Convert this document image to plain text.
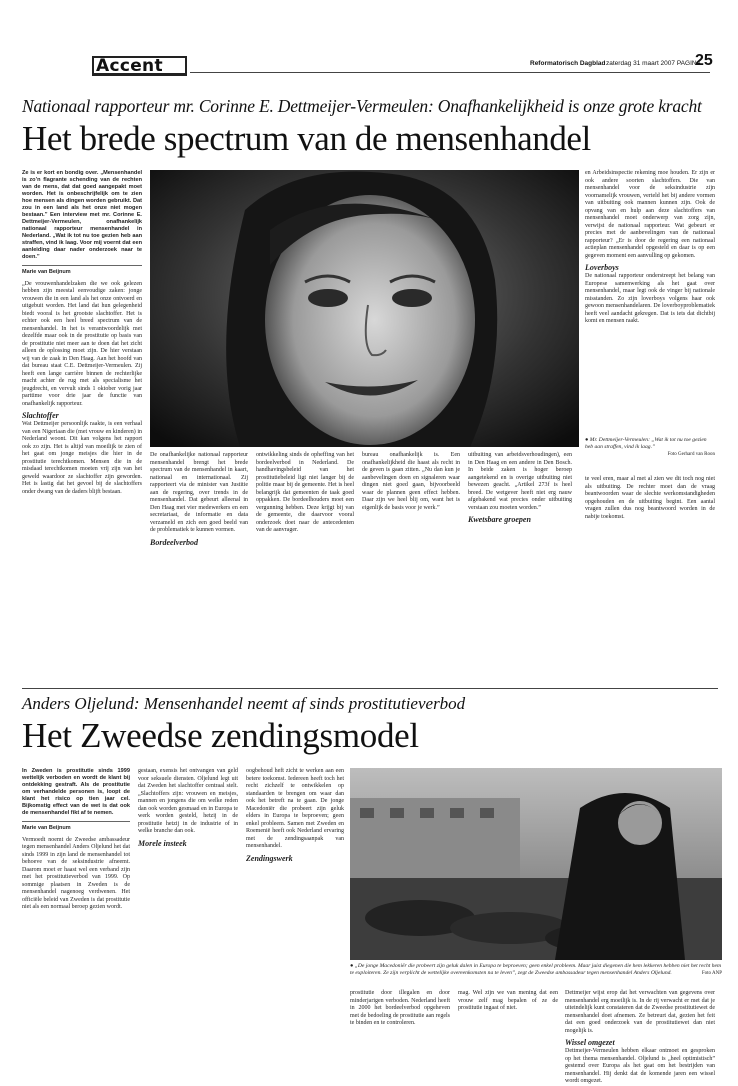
Accent	Reformatorisch Dagblad zaterdag 31 maart 2007 PAGINA
25
Nationaal rapporteur mr. Corinne E. Dettmeijer-Vermeulen: Onafhankelijkheid is onze grote kracht
Het brede spectrum van de mensenhandel

Ze is er kort en bondig over. „Mensenhandel is zo’n flagrante schending van de rechten van de mens, dat dat goed aangepakt moet worden. Het is onbeschrijfelijk om te zien hoe mensen als dingen worden gebruikt. Dat zou in een land als het onze niet mogen bestaan.” Een interview met mr. Corinne E. Dettmeijer-Vermeulen, onafhankelijk nationaal rapporteur mensenhandel in Nederland. „Wat ik tot nu toe gezien heb aan straffen, vind ik laag. Voor mij voernt dat een aanleiding daar nader onderzoek naar te doen.”

Marie van Beijnum

„De vrouwenhandelzaken die we ook gelezen hebben zijn meestal eenvoudige zaken: jonge vrouwen die in een land als het onze ontvoerd en uitgebuit worden. Het land dat hun gelegenheid biedt vooral is het grootste slachtoffer. Het is echter ook een heel breed spectrum van de mensenhandel. In het is verantwoordelijk met dezelfde maar ook in de prostitutie op basis van de prostitutie niet meer aan te doen dat het zicht alleen de oplossing moet zijn. De hier verstaan wij van de zaak in Den Haag. Aan het hoofd van dat bureau staat C.E. Dettmeijer-Vermeulen. Zij heeft een lange carrière binnen de rechterlijke macht achter de rug met als specialisme het jeugdrecht, en vervult sinds 1 oktober vorig jaar parttime voor drie jaar de functie van onafhankelijk rapporteur.

Slachtoffer

Wat Dettmeijer persoonlijk raakte, is een verhaal van een Nigeriaan die (met vrouw en kinderen) in Nederland woont. Dit kan volgens het rapport ook zo zijn. Het is altijd van moeilijk te zien of het gaat om jonge meisjes die hier in de prostitutie terechtkomen. Mensen die in de misdaad terechtkomen moeten vrij zijn van het geweld waardoor ze slachtoffer zijn geworden. Het is lastig dat het gevoel bij de slachtoffers onder dwang van de daders blijft bestaan.

● Mr. Dettmeijer-Vermeulen: „Wat ik tot nu toe gezien heb aan straffen, vind ik laag.”
Foto Gerhard van Roon

De onafhankelijke nationaal rapporteur mensenhandel brengt het brede spectrum van de mensenhandel in kaart, nationaal en internationaal. Zij rapporteert via de minister van Justitie aan de regering, over trends in de mensenhandel. Dat gebeurt alleenal in Den Haag met vier medewerkers en een secretariaat, de informatie en data verzameld en zich een goed beeld van de problematiek te kunnen vormen.

Bordeelverbod

ontwikkeling sinds de opheffing van het bordeelverbod in Nederland. De handhavingsbeleid van het prostitutiebeleid ligt niet langer bij de politie maar bij de gemeente. Het is heel belangrijk dat gemeenten de taak goed oppakken. De bordeelhouders moet een vergunning hebben. Deze krijgt bij van de gemeente, die daarvoor vooral onderzoek doet naar de antecedenten van de aanvrager.

bureau onafhankelijk is. Een onafhankelijkheid die haast als recht in de geven is gaan zitten. „Nu dan kun je aanbevelingen doen en signaleren waar dingen niet goed gaan, bijvoorbeeld waar de plannen geen effect hebben. Daar zijn we heel blij om, want het is eigenlijk de basis voor je werk.”

uitbuiting van arbeidsverhoudingen), een in Den Haag en een andere in Den Bosch. In beide zaken is hoger beroep aangetekend en is overige uitbuiting niet bewezen geacht. „Artikel 273f is heel breed. De wetgever heeft niet erg nauw afgebakend wat precies onder uitbuiting verstaan zou moeten worden.”

Kwetsbare groepen

te veel eren, maar al met al zien we dit toch nog niet als uitbuiting. De rechter moet dan de vraag beantwoorden waar de slechte werkomstandigheden opgehouden en de uitbuiting begint. Een aantal vragen zullen dus nog beantwoord worden in de nabije toekomst.

en Arbeidsinspectie rekening moe houden. Er zijn er ook andere soorten slachtoffers. Die van mensenhandel voor de seksindustrie zijn voornamelijk vrouwen, verteld het bij andere vormen van uitbuiting ook mannen kunnen zijn. Ook de opvang van en hulp aan deze slachtoffers van mensenhandel moet onderwerp van zorg zijn, verwijst de nationaal rapporteur. Wat gebeurt er precies met de aanbevelingen van de nationaal rapporteur? „Er is door de regering een nationaal actieplan mensenhandel opgesteld en daar is op een gegeven moment een aanvulling op gekomen.

Loverboys

De nationaal rapporteur onderstreept het belang van Europese samenwerking als het gaat over mensenhandel, maar legt ook de vinger bij nationale misstanden. Zo zijn loverboys volgens haar ook gewoon mensenhandelaren. De loverboyproblematiek heeft veel aandacht gekregen. Dat is iets dat dichtbij komt en mensen raakt.

Anders Oljelund: Mensenhandel neemt af sinds prostitutieverbod
Het Zweedse zendingsmodel

In Zweden is prostitutie sinds 1999 wettelijk verboden en wordt de klant bij ontdekking gestraft. Als de prostitutie om verhandelde personen is, loopt de klant het risico op tien jaar cel. Bijkomstig effect van de wet is dat ook de mensenhandel fikt af te nemen.

Marie van Beijnum

Vermoedt noemt de Zweedse ambassadeur tegen mensenhandel Anders Oljelund het dat sinds 1999 in zijn land de mensenhandel tot behoeve van de seksindustrie afneemt. Daarom moet er haast wel een verband zijn met het prostitutieverbod van 1999. Op sommige plaatsen in Zweden is de mensenhandel nagenoeg verdwenen. Het officiële beleid van Zweden is dat prostitutie niet als een normaal beroep gezien wordt.

gestaan, exensis het ontvangen van geld voor seksuele diensten. Oljelund legt uit dat Zweden het slachtoffer centraal stelt. „Slachtoffers zijn: vrouwen en meisjes, mannen en jongens die om welke reden dan ook worden gesmaad en in Europa te werk worden gesteld, hetzij in de prostitutie hetzij in de industrie of in welke branche dan ook.

Morele insteek

oogbehoud heft zicht te werken aan een betere toekomst. Iedereen heeft toch het recht zichzelf te ontwikkelen op standaarden te brengen om waar dan ook het betreft na te gaan. De jonge Macedoniër die probeert zijn geluk elders in Europa te beproeven; geen enkel probleem. Samen met Zweden en Roemenië heeft ook Nederland ervaring met de zendingsaanpak van mensenhandel.

Zendingswerk

● „De jonge Macedoniër die probeert zijn geluk dalen in Europa te beproeven; geen enkel probleem. Maar juist diegenen die hem lekkeren hebben niet het recht hem te exploiteren. Ze zijn verplicht de wettelijke overeenkomsten na te leven”, zegt de Zweedse ambassadeur tegen mensenhandel Anders Oljelund.	Foto ANP

prostitutie door illegalen en door minderjarigen verboden. Nederland heeft in 2000 het bordeelverbod opgeheven met de bedoeling de prostitutie aan regels te binden en te controleren.

mag. Wel zijn we van mening dat een vrouw zelf mag bepalen of ze de prostitutie ingaat of niet.

Dettmeijer wijst erop dat het verwachten van gegevens over mensenhandel erg moeilijk is. In de rij verwacht er met dat je uiteindelijk kunt constateren dat de Zweedse prostitutiewet de mensenhandel doet afnemen. Ze betreurt dat, gezien het feit dat een goed onderzoek van de prostitutiewet dan niet mogelijk is.

Wissel omgezet

Dettmeijer-Vermeulen hebben elkaar ontmoet en gesproken op het thema mensenhandel. Oljelund is „heel optimistisch” gestemd over Europa als het gaat om het bestrijden van mensenhandel. Hij denkt dat de komende jaren een wissel wordt omgezet.
